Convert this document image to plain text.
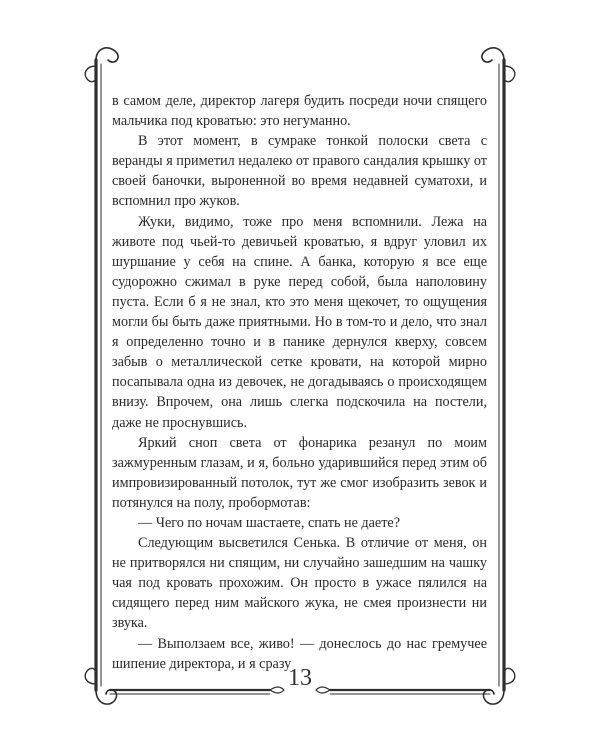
в самом деле, директор лагеря будить посреди ночи спящего мальчика под кроватью: это негуманно.

В этот момент, в сумраке тонкой полоски света с веранды я приметил недалеко от правого сандалия крышку от своей баночки, выроненной во время недавней суматохи, и вспомнил про жуков.

Жуки, видимо, тоже про меня вспомнили. Лежа на животе под чьей-то девичьей кроватью, я вдруг уловил их шуршание у себя на спине. А банка, которую я все еще судорожно сжимал в руке перед собой, была наполовину пуста. Если б я не знал, кто это меня щекочет, то ощущения могли бы быть даже приятными. Но в том-то и дело, что знал я определенно точно и в панике дернулся кверху, совсем забыв о металлической сетке кровати, на которой мирно посапывала одна из девочек, не догадываясь о происходящем внизу. Впрочем, она лишь слегка подскочила на постели, даже не проснувшись.

Яркий сноп света от фонарика резанул по моим зажмуренным глазам, и я, больно ударившийся перед этим об импровизированный потолок, тут же смог изобразить зевок и потянулся на полу, пробормотав:

— Чего по ночам шастаете, спать не даете?

Следующим высветился Сенька. В отличие от меня, он не притворялся ни спящим, ни случайно зашедшим на чашку чая под кровать прохожим. Он просто в ужасе пялился на сидящего перед ним майского жука, не смея произнести ни звука.

— Выползаем все, живо! — донеслось до нас гремучее шипение директора, и я сразу

13
